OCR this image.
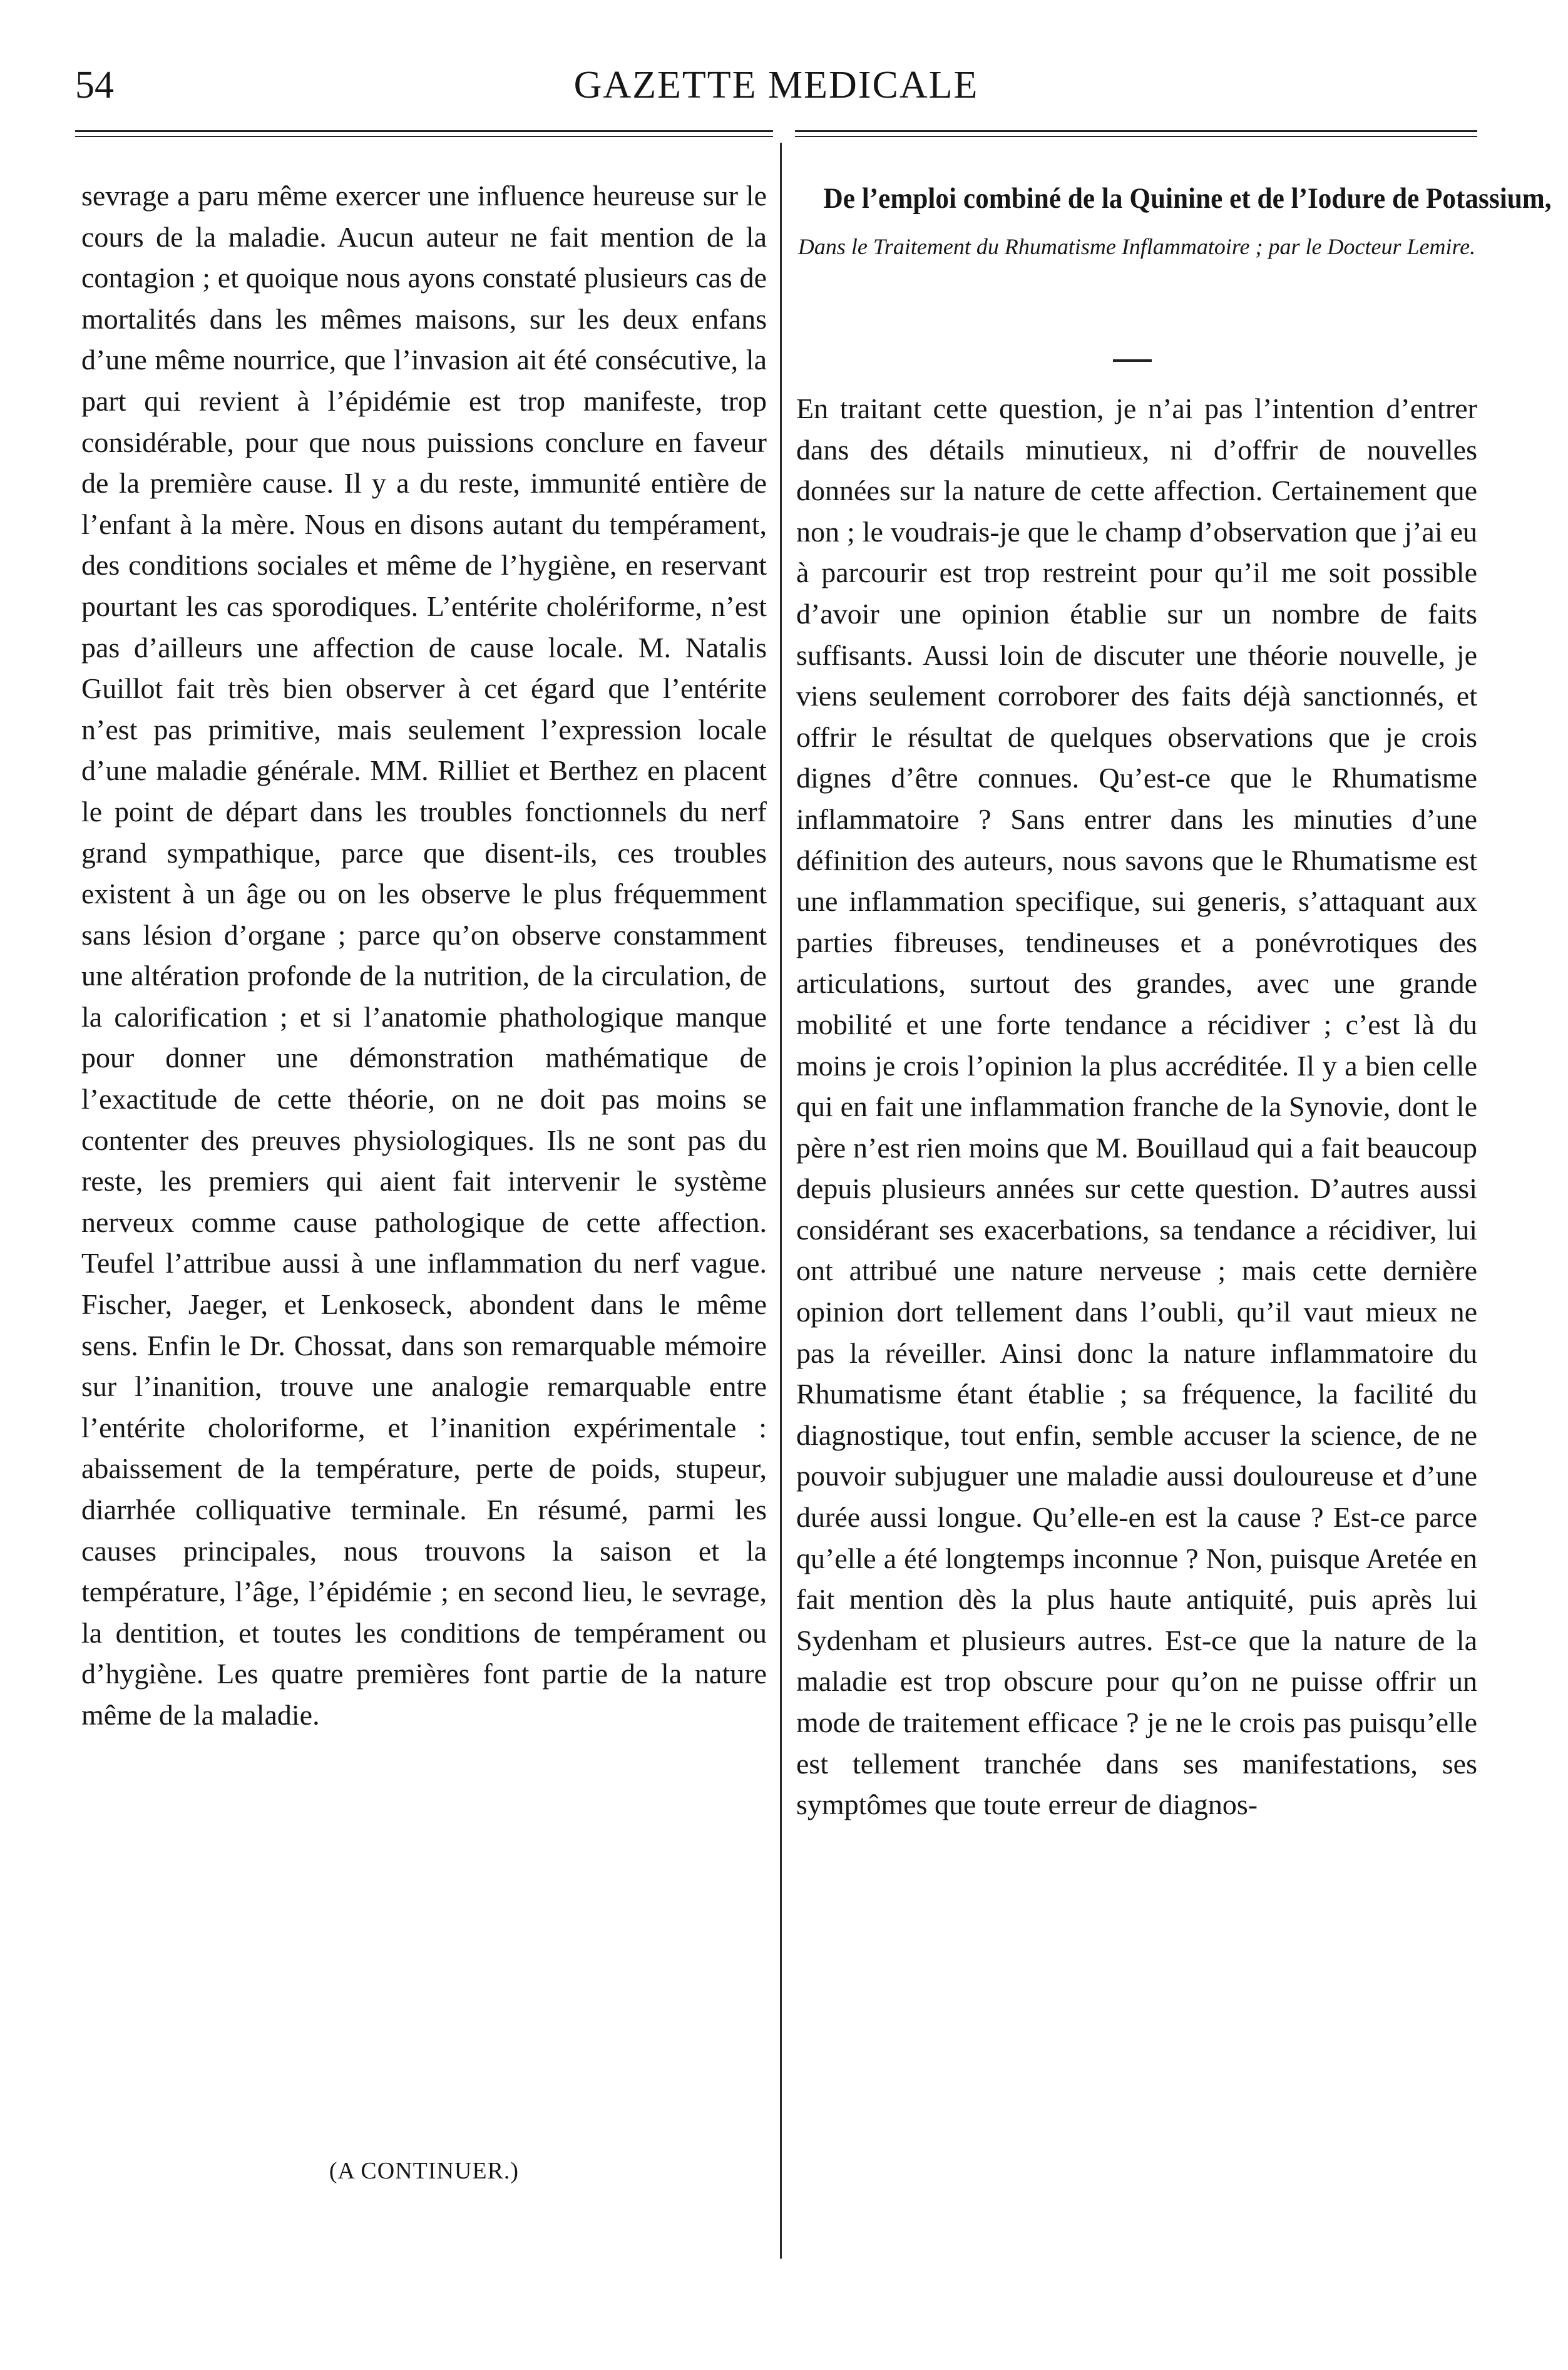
54	GAZETTE MEDICALE

sevrage a paru même exercer une influence heureuse sur le cours de la maladie. Aucun auteur ne fait mention de la contagion ; et quoique nous ayons constaté plusieurs cas de mortalités dans les mêmes maisons, sur les deux enfans d’une même nourrice, que l’invasion ait été consécutive, la part qui revient à l’épidémie est trop manifeste, trop considérable, pour que nous puissions conclure en faveur de la première cause. Il y a du reste, immunité entière de l’enfant à la mère. Nous en disons autant du tempérament, des conditions sociales et même de l’hygiène, en reservant pourtant les cas sporodiques. L’entérite cholériforme, n’est pas d’ailleurs une affection de cause locale. M. Natalis Guillot fait très bien observer à cet égard que l’entérite n’est pas primitive, mais seulement l’expression locale d’une maladie générale. MM. Rilliet et Berthez en placent le point de départ dans les troubles fonctionnels du nerf grand sympathique, parce que disent-ils, ces troubles existent à un âge ou on les observe le plus fréquemment sans lésion d’organe ; parce qu’on observe constamment une altération profonde de la nutrition, de la circulation, de la calorification ; et si l’anatomie phathologique manque pour donner une démonstration mathématique de l’exactitude de cette théorie, on ne doit pas moins se contenter des preuves physiologiques. Ils ne sont pas du reste, les premiers qui aient fait intervenir le système nerveux comme cause pathologique de cette affection. Teufel l’attribue aussi à une inflammation du nerf vague. Fischer, Jaeger, et Lenkoseck, abondent dans le même sens. Enfin le Dr. Chossat, dans son remarquable mémoire sur l’inanition, trouve une analogie remarquable entre l’entérite choloriforme, et l’inanition expérimentale : abaissement de la température, perte de poids, stupeur, diarrhée colliquative terminale. En résumé, parmi les causes principales, nous trouvons la saison et la température, l’âge, l’épidémie ; en second lieu, le sevrage, la dentition, et toutes les conditions de tempérament ou d’hygiène. Les quatre premières font partie de la nature même de la maladie.

(A CONTINUER.)
De l’emploi combiné de la Quinine et de l’Iodure de Potassium,
Dans le Traitement du Rhumatisme Inflammatoire ; par le Docteur Lemire.

En traitant cette question, je n’ai pas l’intention d’entrer dans des détails minutieux, ni d’offrir de nouvelles données sur la nature de cette affection. Certainement que non ; le voudrais-je que le champ d’observation que j’ai eu à parcourir est trop restreint pour qu’il me soit possible d’avoir une opinion établie sur un nombre de faits suffisants. Aussi loin de discuter une théorie nouvelle, je viens seulement corroborer des faits déjà sanctionnés, et offrir le résultat de quelques observations que je crois dignes d’être connues. Qu’est-ce que le Rhumatisme inflammatoire ? Sans entrer dans les minuties d’une définition des auteurs, nous savons que le Rhumatisme est une inflammation specifique, sui generis, s’attaquant aux parties fibreuses, tendineuses et a ponévrotiques des articulations, surtout des grandes, avec une grande mobilité et une forte tendance a récidiver ; c’est là du moins je crois l’opinion la plus accréditée. Il y a bien celle qui en fait une inflammation franche de la Synovie, dont le père n’est rien moins que M. Bouillaud qui a fait beaucoup depuis plusieurs années sur cette question. D’autres aussi considérant ses exacerbations, sa tendance a récidiver, lui ont attribué une nature nerveuse ; mais cette dernière opinion dort tellement dans l’oubli, qu’il vaut mieux ne pas la réveiller. Ainsi donc la nature inflammatoire du Rhumatisme étant établie ; sa fréquence, la facilité du diagnostique, tout enfin, semble accuser la science, de ne pouvoir subjuguer une maladie aussi douloureuse et d’une durée aussi longue. Qu’elle-en est la cause ? Est-ce parce qu’elle a été longtemps inconnue ? Non, puisque Aretée en fait mention dès la plus haute antiquité, puis après lui Sydenham et plusieurs autres. Est-ce que la nature de la maladie est trop obscure pour qu’on ne puisse offrir un mode de traitement efficace ? je ne le crois pas puisqu’elle est tellement tranchée dans ses manifestations, ses symptômes que toute erreur de diagnos-
